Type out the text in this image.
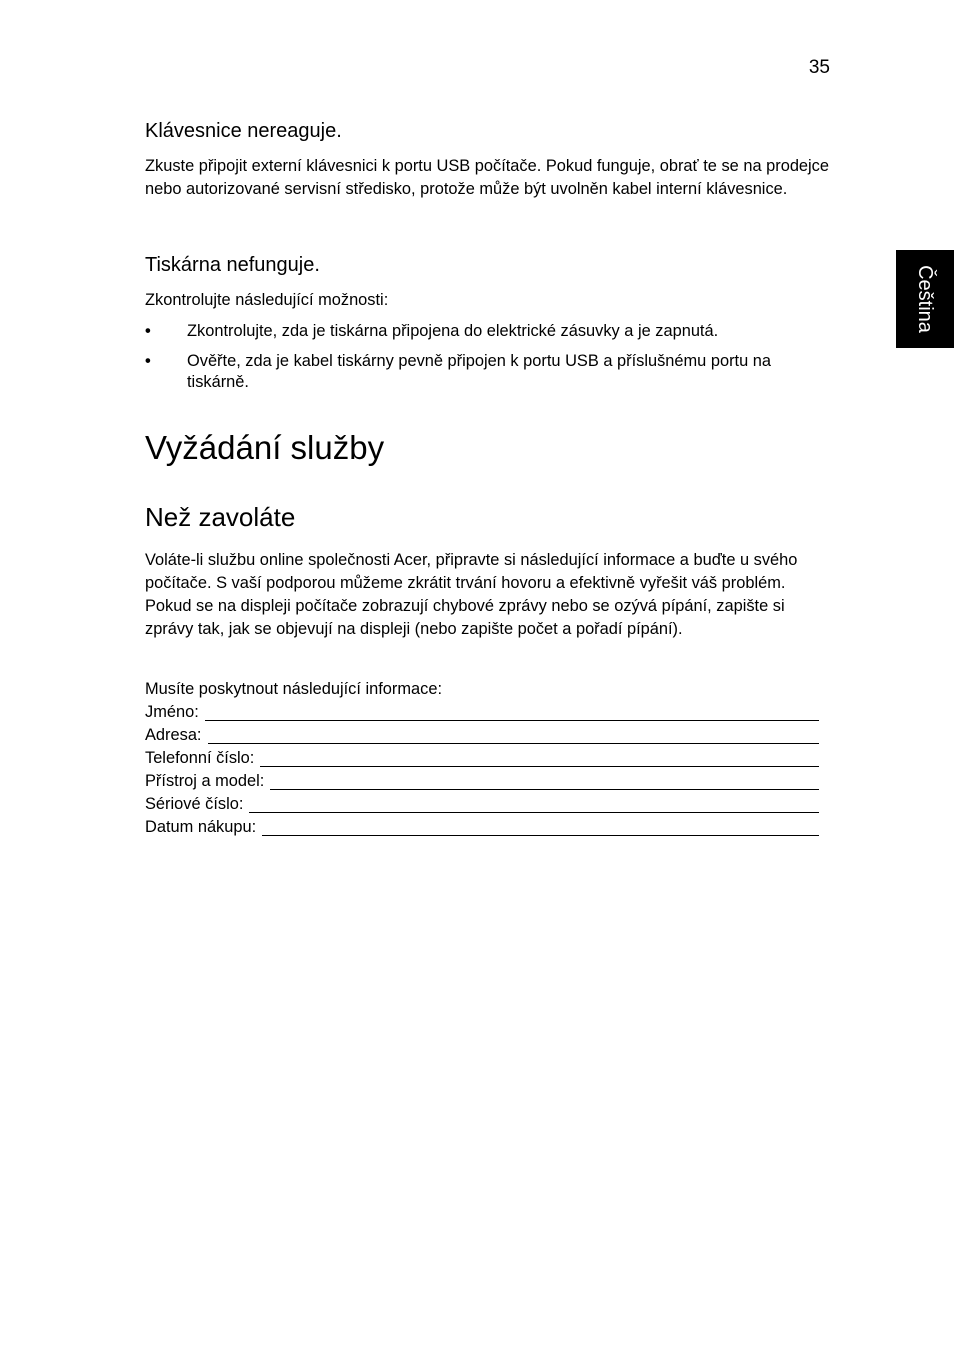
35
Čeština
Klávesnice nereaguje.
Zkuste připojit externí klávesnici k portu USB počítače. Pokud funguje, obrať te se na prodejce nebo autorizované servisní středisko, protože může být uvolněn kabel interní klávesnice.
Tiskárna nefunguje.
Zkontrolujte následující možnosti:
•	Zkontrolujte, zda je tiskárna připojena do elektrické zásuvky a je zapnutá.
•	Ověřte, zda je kabel tiskárny pevně připojen k portu USB a příslušnému portu na tiskárně.
Vyžádání služby
Než zavoláte
Voláte-li službu online společnosti Acer, připravte si následující informace a buďte u svého počítače. S vaší podporou můžeme zkrátit trvání hovoru a efektivně vyřešit váš problém. Pokud se na displeji počítače zobrazují chybové zprávy nebo se ozývá pípání, zapište si zprávy tak, jak se objevují na displeji (nebo zapište počet a pořadí pípání).
Musíte poskytnout následující informace:
Jméno:
Adresa:
Telefonní číslo:
Přístroj a model:
Sériové číslo:
Datum nákupu:
